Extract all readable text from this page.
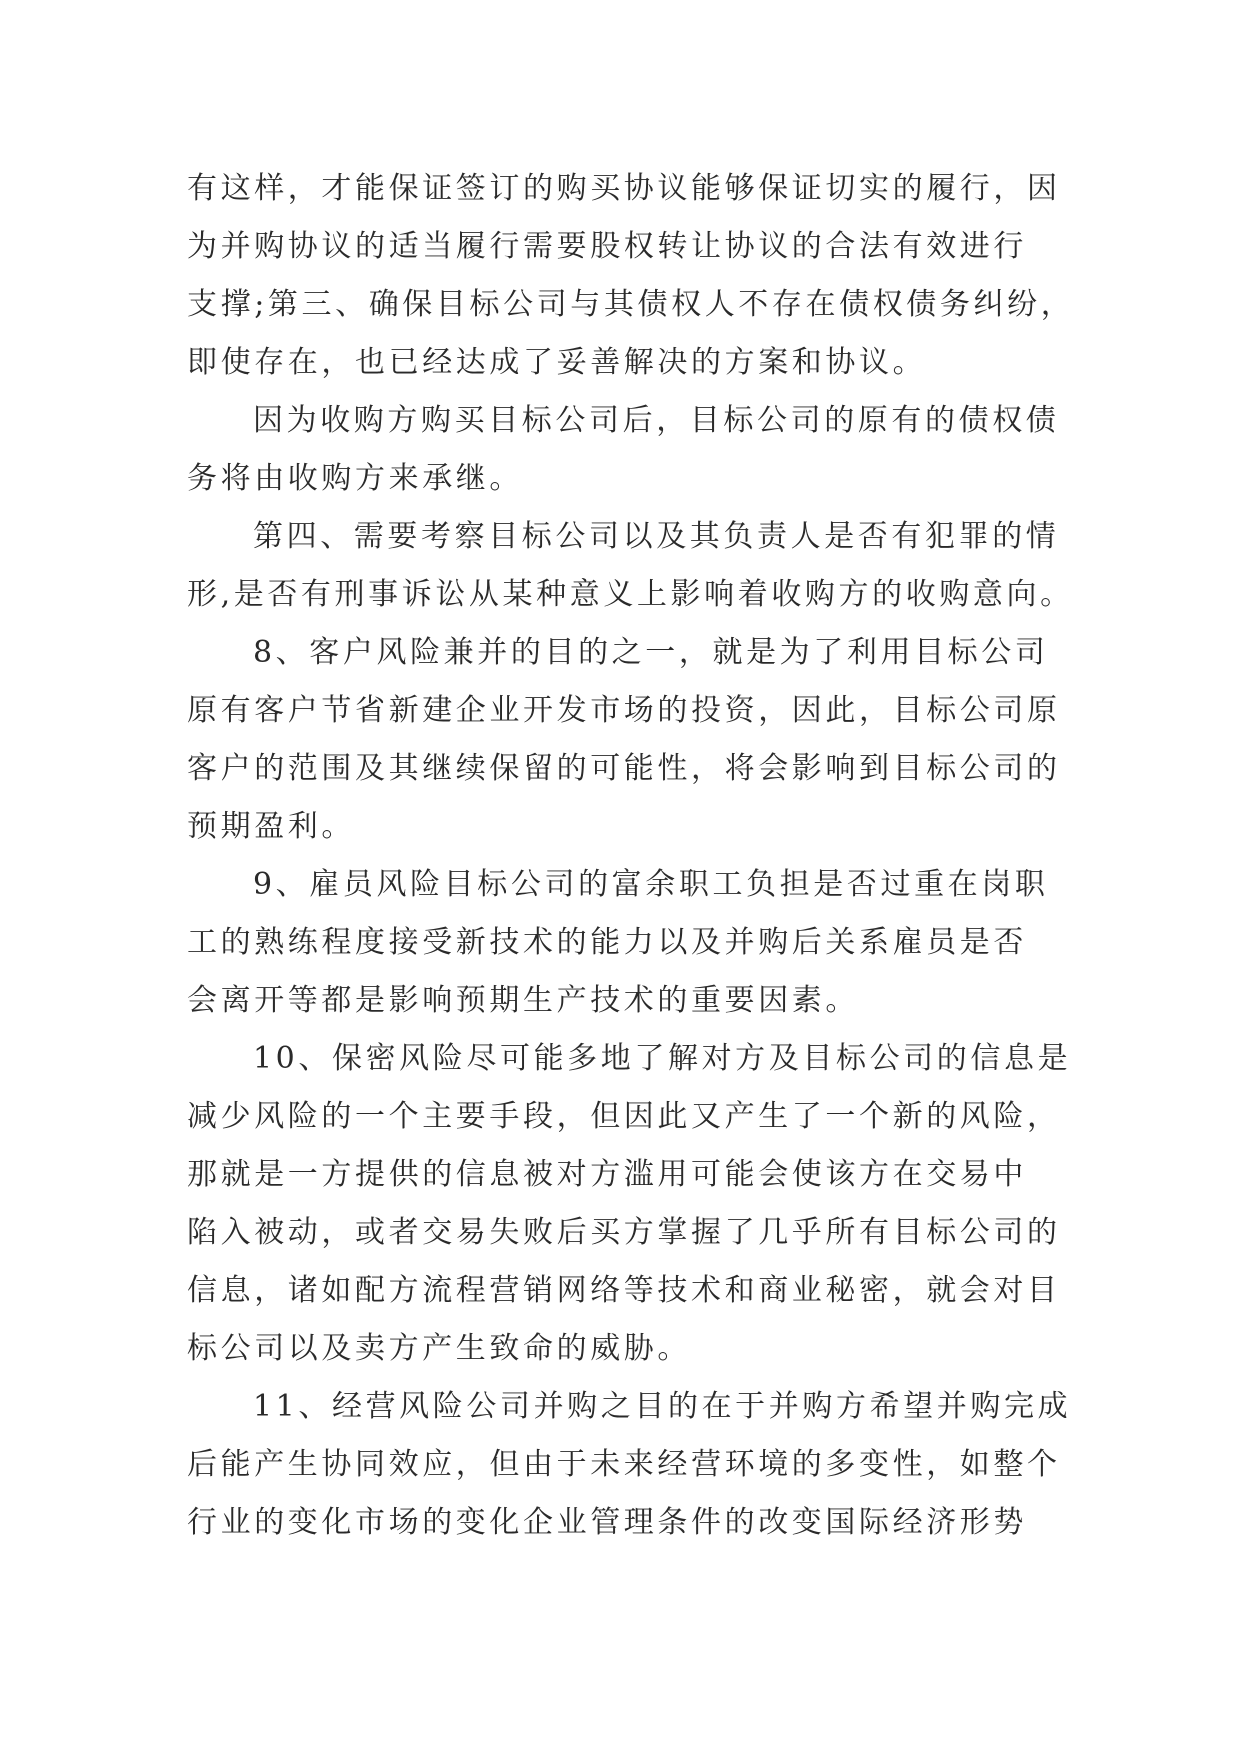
有这样，才能保证签订的购买协议能够保证切实的履行，因
为并购协议的适当履行需要股权转让协议的合法有效进行
支撑;第三、确保目标公司与其债权人不存在债权债务纠纷，
即使存在，也已经达成了妥善解决的方案和协议。
因为收购方购买目标公司后，目标公司的原有的债权债
务将由收购方来承继。
第四、需要考察目标公司以及其负责人是否有犯罪的情
形,是否有刑事诉讼从某种意义上影响着收购方的收购意向。
8、客户风险兼并的目的之一，就是为了利用目标公司
原有客户节省新建企业开发市场的投资，因此，目标公司原
客户的范围及其继续保留的可能性，将会影响到目标公司的
预期盈利。
9、雇员风险目标公司的富余职工负担是否过重在岗职
工的熟练程度接受新技术的能力以及并购后关系雇员是否
会离开等都是影响预期生产技术的重要因素。
10、保密风险尽可能多地了解对方及目标公司的信息是
减少风险的一个主要手段，但因此又产生了一个新的风险，
那就是一方提供的信息被对方滥用可能会使该方在交易中
陷入被动，或者交易失败后买方掌握了几乎所有目标公司的
信息，诸如配方流程营销网络等技术和商业秘密，就会对目
标公司以及卖方产生致命的威胁。
11、经营风险公司并购之目的在于并购方希望并购完成
后能产生协同效应，但由于未来经营环境的多变性，如整个
行业的变化市场的变化企业管理条件的改变国际经济形势
